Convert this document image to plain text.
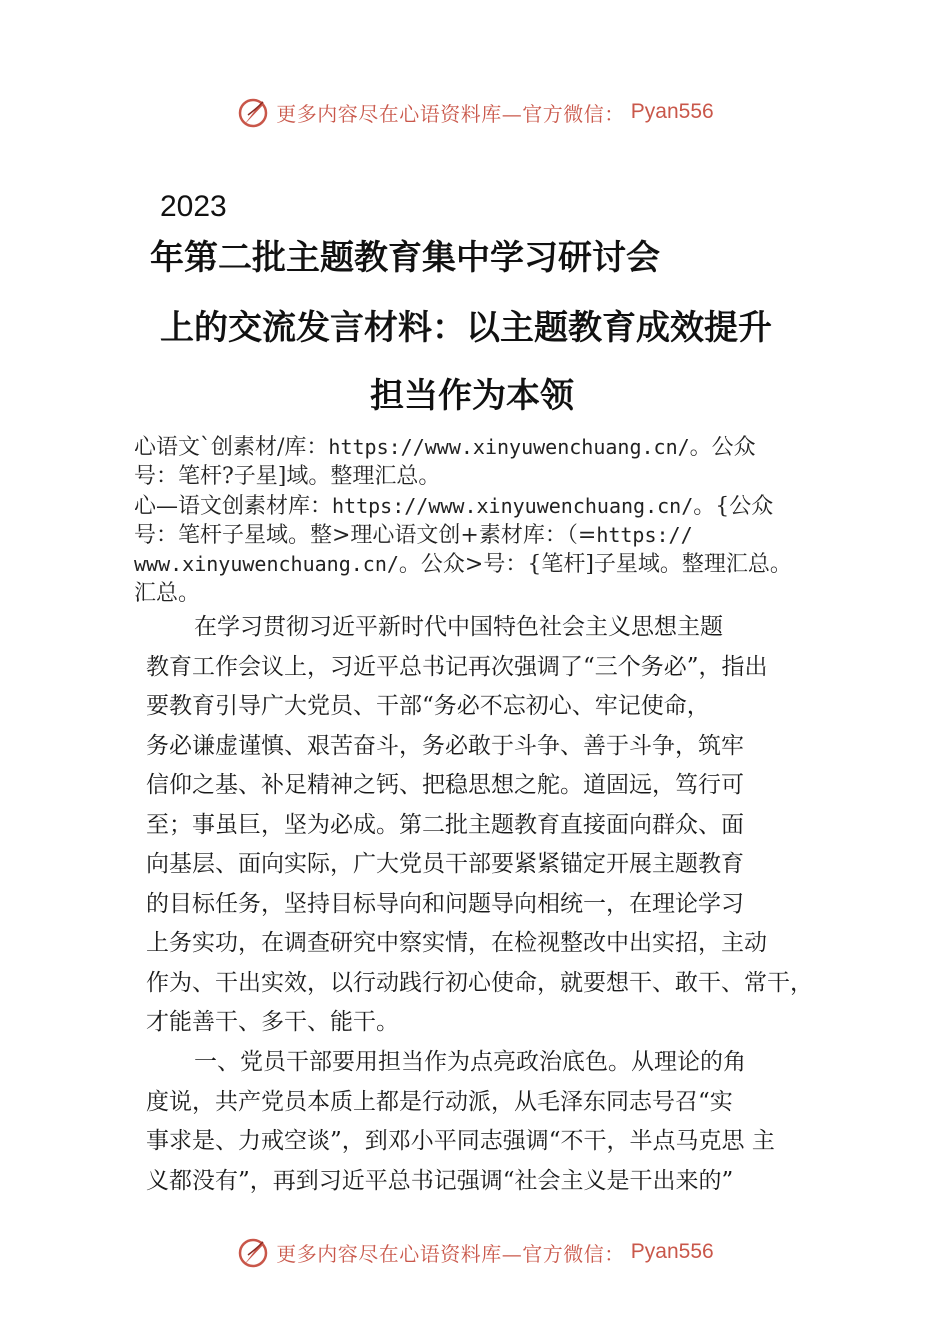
更多内容尽在心语资料库—官方微信： Pyan556
2023
年第二批主题教育集中学习研讨会
上的交流发言材料：以主题教育成效提升
担当作为本领
心语文`创素材/库：https://www.xinyuwenchuang.cn/。公众
号：笔杆?子星]域。整理汇总。
心—语文创素材库：https://www.xinyuwenchuang.cn/。{公众
号：笔杆子星域。整>理心语文创+素材库：（=https://
www.xinyuwenchuang.cn/。公众>号：{笔杆]子星域。整理汇总。
汇总。
在学习贯彻习近平新时代中国特色社会主义思想主题
教育工作会议上，习近平总书记再次强调了“三个务必”，指出
要教育引导广大党员、干部“务必不忘初心、牢记使命，
务必谦虚谨慎、艰苦奋斗，务必敢于斗争、善于斗争，筑牢
信仰之基、补足精神之钙、把稳思想之舵。道固远，笃行可
至；事虽巨，坚为必成。第二批主题教育直接面向群众、面
向基层、面向实际，广大党员干部要紧紧锚定开展主题教育
的目标任务，坚持目标导向和问题导向相统一，在理论学习
上务实功，在调查研究中察实情，在检视整改中出实招，主动
作为、干出实效，以行动践行初心使命，就要想干、敢干、常干，
才能善干、多干、能干。
一、党员干部要用担当作为点亮政治底色。从理论的角
度说，共产党员本质上都是行动派，从毛泽东同志号召“实
事求是、力戒空谈”，到邓小平同志强调“不干，半点马克思 主
义都没有”，再到习近平总书记强调“社会主义是干出来的”
更多内容尽在心语资料库—官方微信： Pyan556
